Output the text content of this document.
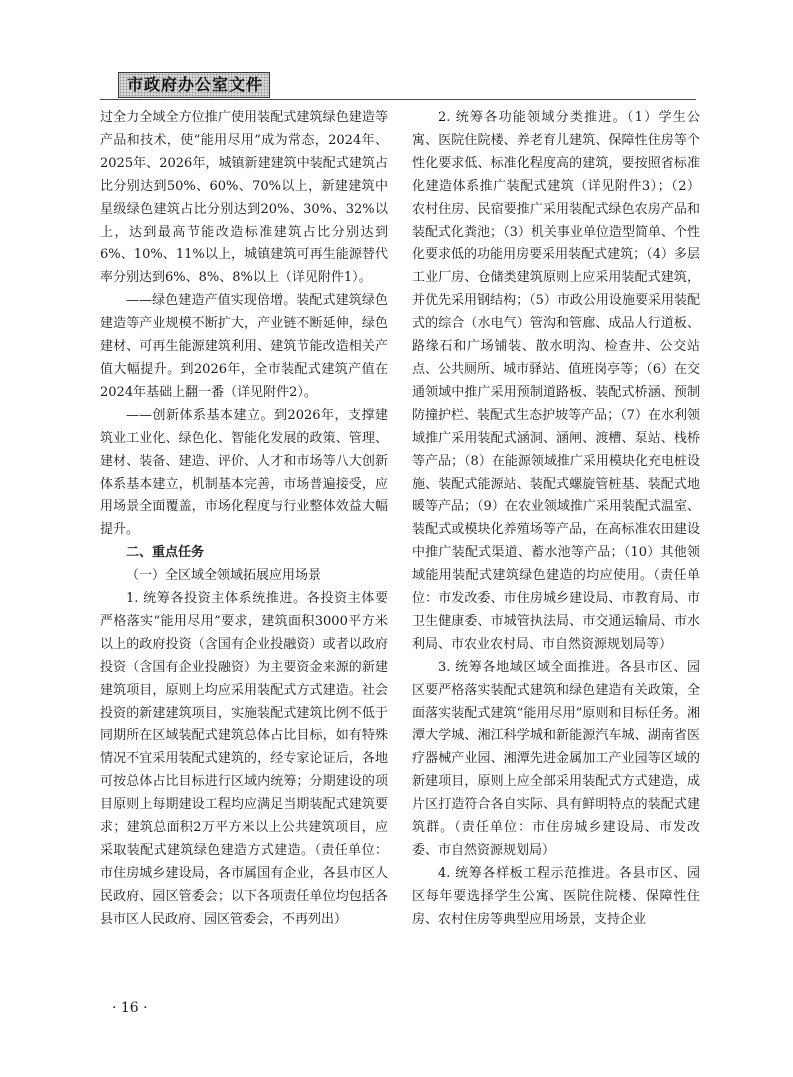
市政府办公室文件

过全力全域全方位推广使用装配式建筑绿色建造等产品和技术，使“能用尽用”成为常态，2024年、2025年、2026年，城镇新建建筑中装配式建筑占比分别达到50%、60%、70%以上，新建建筑中星级绿色建筑占比分别达到20%、30%、32%以上，达到最高节能改造标准建筑占比分别达到6%、10%、11%以上，城镇建筑可再生能源替代率分别达到6%、8%、8%以上（详见附件1）。

——绿色建造产值实现倍增。装配式建筑绿色建造等产业规模不断扩大，产业链不断延伸，绿色建材、可再生能源建筑利用、建筑节能改造相关产值大幅提升。到2026年，全市装配式建筑产值在2024年基础上翻一番（详见附件2）。

——创新体系基本建立。到2026年，支撑建筑业工业化、绿色化、智能化发展的政策、管理、建材、装备、建造、评价、人才和市场等八大创新体系基本建立，机制基本完善，市场普遍接受，应用场景全面覆盖，市场化程度与行业整体效益大幅提升。

二、重点任务

（一）全区域全领域拓展应用场景

1. 统筹各投资主体系统推进。各投资主体要严格落实“能用尽用”要求，建筑面积3000平方米以上的政府投资（含国有企业投融资）或者以政府投资（含国有企业投融资）为主要资金来源的新建建筑项目，原则上均应采用装配式方式建造。社会投资的新建建筑项目，实施装配式建筑比例不低于同期所在区域装配式建筑总体占比目标，如有特殊情况不宜采用装配式建筑的，经专家论证后，各地可按总体占比目标进行区域内统筹；分期建设的项目原则上每期建设工程均应满足当期装配式建筑要求；建筑总面积2万平方米以上公共建筑项目，应采取装配式建筑绿色建造方式建造。（责任单位：市住房城乡建设局，各市属国有企业，各县市区人民政府、园区管委会；以下各项责任单位均包括各县市区人民政府、园区管委会，不再列出）

2. 统筹各功能领域分类推进。（1）学生公寓、医院住院楼、养老育儿建筑、保障性住房等个性化要求低、标准化程度高的建筑，要按照省标准化建造体系推广装配式建筑（详见附件3）；（2）农村住房、民宿要推广采用装配式绿色农房产品和装配式化粪池；（3）机关事业单位造型简单、个性化要求低的功能用房要采用装配式建筑；（4）多层工业厂房、仓储类建筑原则上应采用装配式建筑，并优先采用钢结构；（5）市政公用设施要采用装配式的综合（水电气）管沟和管廊、成品人行道板、路缘石和广场铺装、散水明沟、检查井、公交站点、公共厕所、城市驿站、值班岗亭等；（6）在交通领域中推广采用预制道路板、装配式桥涵、预制防撞护栏、装配式生态护坡等产品；（7）在水利领域推广采用装配式涵洞、涵闸、渡槽、泵站、栈桥等产品；（8）在能源领域推广采用模块化充电桩设施、装配式能源站、装配式螺旋管桩基、装配式地暖等产品；（9）在农业领域推广采用装配式温室、装配式或模块化养殖场等产品，在高标准农田建设中推广装配式渠道、蓄水池等产品；（10）其他领域能用装配式建筑绿色建造的均应使用。（责任单位：市发改委、市住房城乡建设局、市教育局、市卫生健康委、市城管执法局、市交通运输局、市水利局、市农业农村局、市自然资源规划局等）

3. 统筹各地域区域全面推进。各县市区、园区要严格落实装配式建筑和绿色建造有关政策，全面落实装配式建筑“能用尽用”原则和目标任务。湘潭大学城、湘江科学城和新能源汽车城、湖南省医疗器械产业园、湘潭先进金属加工产业园等区域的新建项目，原则上应全部采用装配式方式建造，成片区打造符合各自实际、具有鲜明特点的装配式建筑群。（责任单位：市住房城乡建设局、市发改委、市自然资源规划局）

4. 统筹各样板工程示范推进。各县市区、园区每年要选择学生公寓、医院住院楼、保障性住房、农村住房等典型应用场景，支持企业

· 16 ·
